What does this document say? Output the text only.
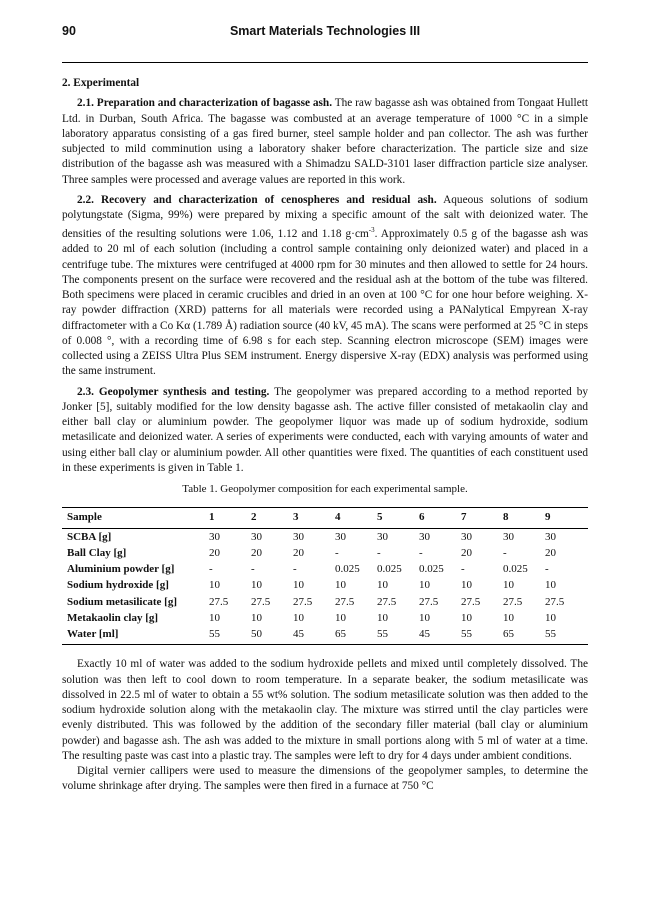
90	Smart Materials Technologies III
2. Experimental

2.1. Preparation and characterization of bagasse ash. The raw bagasse ash was obtained from Tongaat Hullett Ltd. in Durban, South Africa. The bagasse was combusted at an average temperature of 1000 °C in a simple laboratory apparatus consisting of a gas fired burner, steel sample holder and pan collector. The ash was further subjected to mild comminution using a laboratory shaker before characterization. The particle size and size distribution of the bagasse ash was measured with a Shimadzu SALD-3101 laser diffraction particle size analyser. Three samples were processed and average values are reported in this work.

2.2. Recovery and characterization of cenospheres and residual ash. Aqueous solutions of sodium polytungstate (Sigma, 99%) were prepared by mixing a specific amount of the salt with deionized water. The densities of the resulting solutions were 1.06, 1.12 and 1.18 $g\cdot cm^{-3}$. Approximately 0.5 g of the bagasse ash was added to 20 ml of each solution (including a control sample containing only deionized water) and placed in a centrifuge tube. The mixtures were centrifuged at 4000 rpm for 30 minutes and then allowed to settle for 24 hours. The components present on the surface were recovered and the residual ash at the bottom of the tube was filtered. Both specimens were placed in ceramic crucibles and dried in an oven at 100 °C for one hour before weighing. X-ray powder diffraction (XRD) patterns for all materials were recorded using a PANalytical Empyrean X-ray diffractometer with a Co Kα (1.789 Å) radiation source (40 kV, 45 mA). The scans were performed at 25 °C in steps of 0.008 °, with a recording time of 6.98 s for each step. Scanning electron microscope (SEM) images were collected using a ZEISS Ultra Plus SEM instrument. Energy dispersive X-ray (EDX) analysis was performed using the same instrument.

2.3. Geopolymer synthesis and testing. The geopolymer was prepared according to a method reported by Jonker [5], suitably modified for the low density bagasse ash. The active filler consisted of metakaolin clay and either ball clay or aluminium powder. The geopolymer liquor was made up of sodium hydroxide, sodium metasilicate and deionized water. A series of experiments were conducted, each with varying amounts of water and using either ball clay or aluminium powder. All other quantities were fixed. The quantities of each constituent used in these experiments is given in Table 1.

Table 1. Geopolymer composition for each experimental sample.
Sample	1	2	3	4	5	6	7	8	9
SCBA [g]	30	30	30	30	30	30	30	30	30
Ball Clay [g]	20	20	20	-	-	-	20	-	20
Aluminium powder [g]	-	-	-	0.025	0.025	0.025	-	0.025	-
Sodium hydroxide [g]	10	10	10	10	10	10	10	10	10
Sodium metasilicate [g]	27.5	27.5	27.5	27.5	27.5	27.5	27.5	27.5	27.5
Metakaolin clay [g]	10	10	10	10	10	10	10	10	10
Water [ml]	55	50	45	65	55	45	55	65	55

Exactly 10 ml of water was added to the sodium hydroxide pellets and mixed until completely dissolved. The solution was then left to cool down to room temperature. In a separate beaker, the sodium metasilicate was dissolved in 22.5 ml of water to obtain a 55 wt% solution. The sodium metasilicate solution was then added to the sodium hydroxide solution along with the metakaolin clay. The mixture was stirred until the clay particles were evenly distributed. This was followed by the addition of the secondary filler material (ball clay or aluminium powder) and bagasse ash. The ash was added to the mixture in small portions along with 5 ml of water at a time. The resulting paste was cast into a plastic tray. The samples were left to dry for 4 days under ambient conditions.

Digital vernier callipers were used to measure the dimensions of the geopolymer samples, to determine the volume shrinkage after drying. The samples were then fired in a furnace at 750 °C
